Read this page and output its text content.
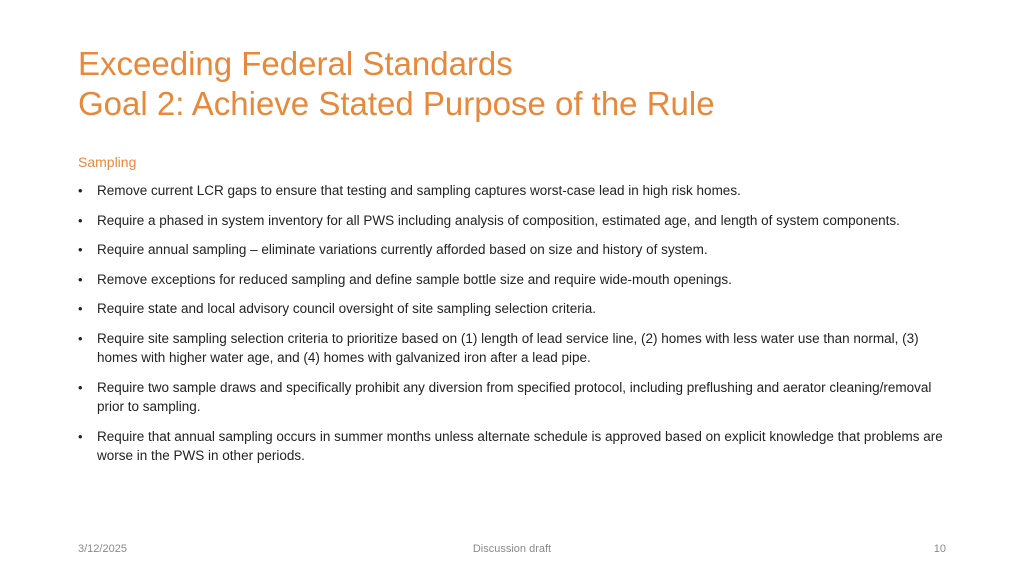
Exceeding Federal Standards
Goal 2: Achieve Stated Purpose of the Rule
Sampling
•	Remove current LCR gaps to ensure that testing and sampling captures worst-case lead in high risk homes.
•	Require a phased in system inventory for all PWS including analysis of composition, estimated age, and length of system components.
•	Require annual sampling – eliminate variations currently afforded based on size and history of system.
•	Remove exceptions for reduced sampling and define sample bottle size and require wide-mouth openings.
•	Require state and local advisory council oversight of site sampling selection criteria.
•	Require site sampling selection criteria to prioritize based on (1) length of lead service line, (2) homes with less water use than normal, (3) homes with higher water age, and (4) homes with galvanized iron after a lead pipe.
•	Require two sample draws and specifically prohibit any diversion from specified protocol, including preflushing and aerator cleaning/removal prior to sampling.
•	Require that annual sampling occurs in summer months unless alternate schedule is approved based on explicit knowledge that problems are worse in the PWS in other periods.
3/12/2025	Discussion draft	10
